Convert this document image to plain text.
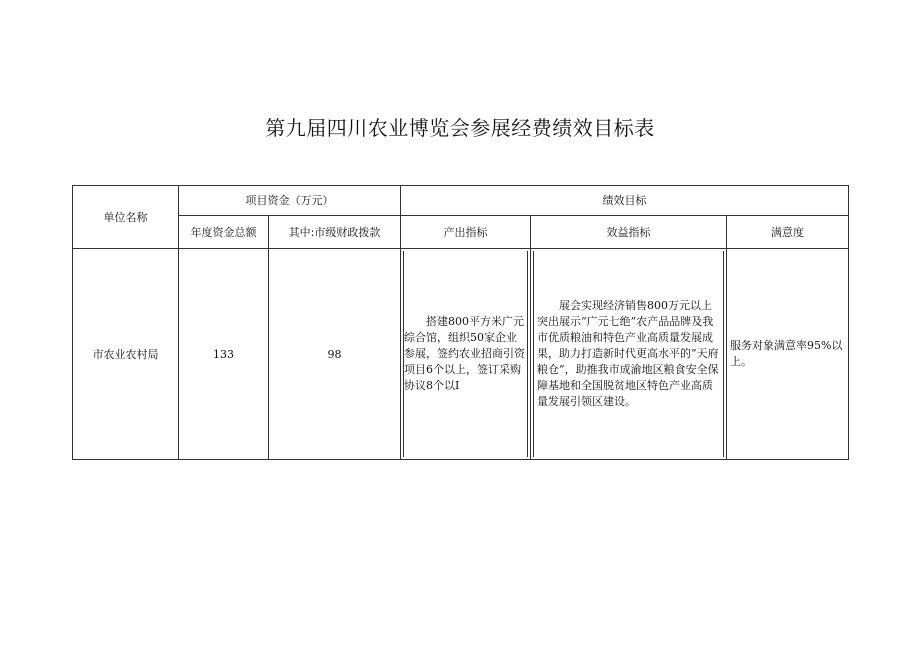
第九届四川农业博览会参展经费绩效目标表
单位名称	项目资金（万元）		绩效目标		
	年度资金总额	其中:市级财政拨款	产出指标	效益指标	满意度
市农业农村局	133	98	搭建800平方米广元综合馆，组织50家企业参展，签约农业招商引资项目6个以上，签订采购协议8个以I	展会实现经济销售800万元以上突出展示“广元七绝”农产品品牌及我市优质粮油和特色产业高质量发展成果，助力打造新时代更高水平的“天府粮仓”，助推我市成渝地区粮食安全保障基地和全国脱贫地区特色产业高质量发展引领区建设。	服务对象满意率95%以上。
